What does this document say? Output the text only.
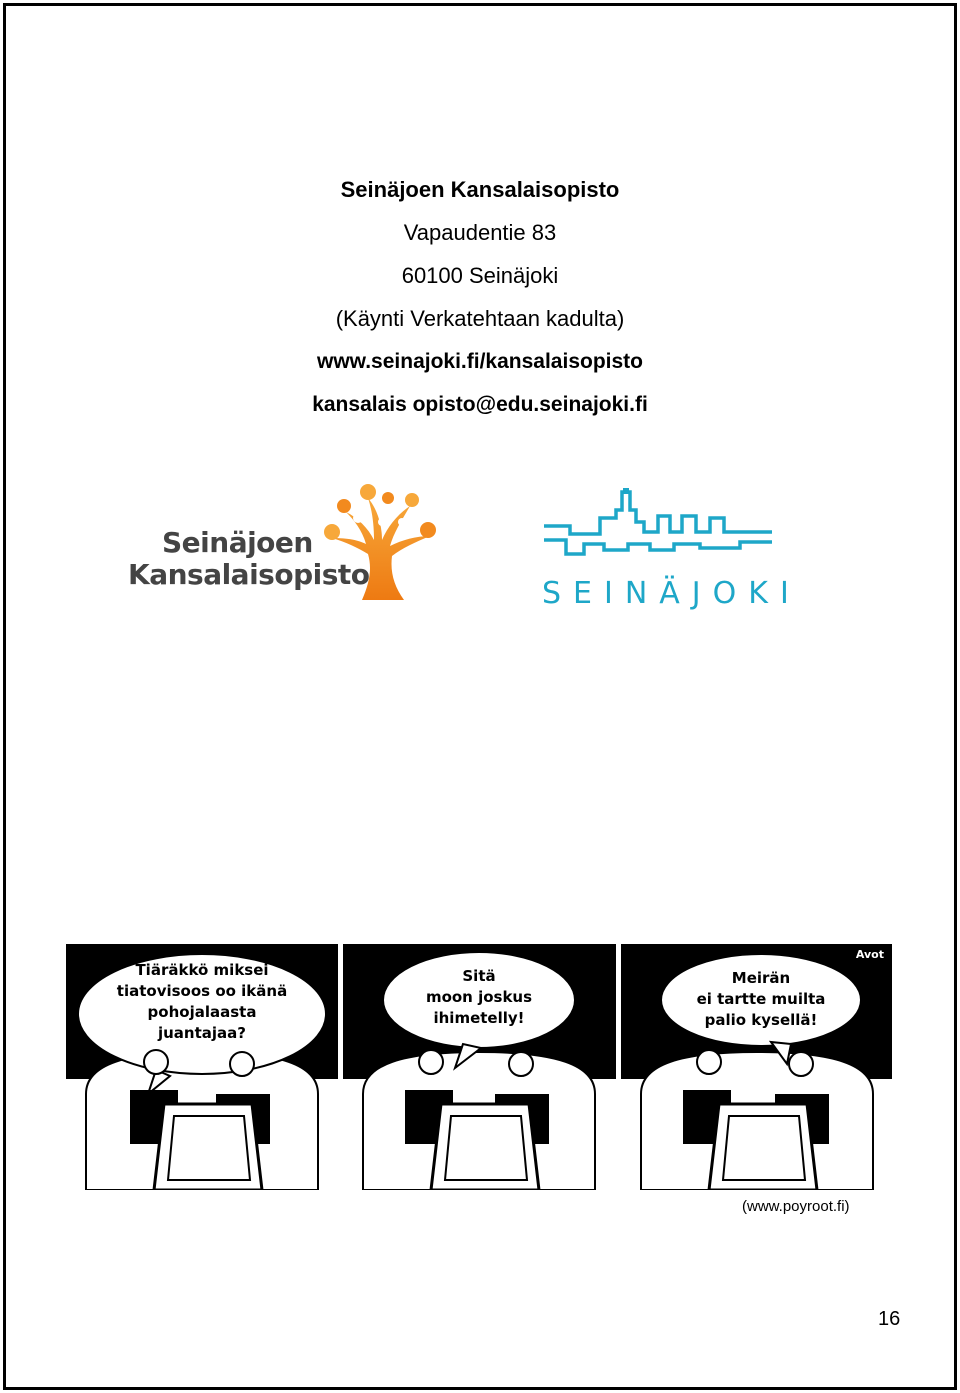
Seinäjoen Kansalaisopisto
Vapaudentie 83
60100 Seinäjoki
(Käynti Verkatehtaan kadulta)
www.seinajoki.fi/kansalaisopisto
kansalais opisto@edu.seinajoki.fi
Seinäjoen
Kansalaisopisto
SEINÄJOKI
Tiäräkkö miksei
tiatovisoos oo ikänä
pohojalaasta
juantajaa?
Sitä
moon joskus
ihimetelly!
www.poyroot.fi
Meirän
ei tartte muilta
palio kysellä!
Avot
(www.poyroot.fi)
16
